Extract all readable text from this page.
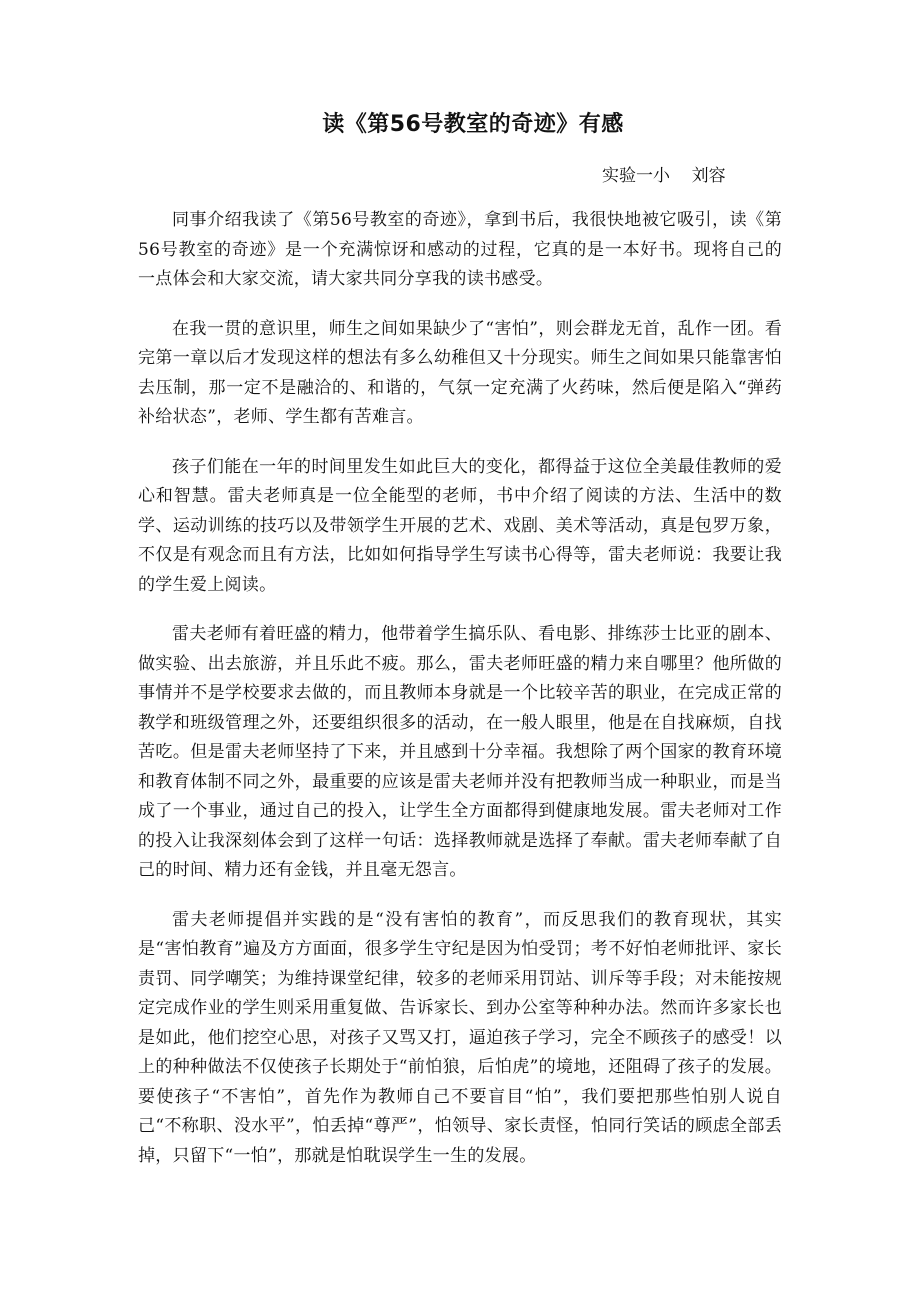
读《第56号教室的奇迹》有感
实验一小    刘容

同事介绍我读了《第56号教室的奇迹》，拿到书后，我很快地被它吸引，读《第56号教室的奇迹》是一个充满惊讶和感动的过程，它真的是一本好书。现将自己的一点体会和大家交流，请大家共同分享我的读书感受。

在我一贯的意识里，师生之间如果缺少了“害怕”，则会群龙无首，乱作一团。看完第一章以后才发现这样的想法有多么幼稚但又十分现实。师生之间如果只能靠害怕去压制，那一定不是融洽的、和谐的，气氛一定充满了火药味，然后便是陷入“弹药补给状态”，老师、学生都有苦难言。

孩子们能在一年的时间里发生如此巨大的变化，都得益于这位全美最佳教师的爱心和智慧。雷夫老师真是一位全能型的老师，书中介绍了阅读的方法、生活中的数学、运动训练的技巧以及带领学生开展的艺术、戏剧、美术等活动，真是包罗万象，不仅是有观念而且有方法，比如如何指导学生写读书心得等，雷夫老师说：我要让我的学生爱上阅读。

雷夫老师有着旺盛的精力，他带着学生搞乐队、看电影、排练莎士比亚的剧本、做实验、出去旅游，并且乐此不疲。那么，雷夫老师旺盛的精力来自哪里？他所做的事情并不是学校要求去做的，而且教师本身就是一个比较辛苦的职业，在完成正常的教学和班级管理之外，还要组织很多的活动，在一般人眼里，他是在自找麻烦，自找苦吃。但是雷夫老师坚持了下来，并且感到十分幸福。我想除了两个国家的教育环境和教育体制不同之外，最重要的应该是雷夫老师并没有把教师当成一种职业，而是当成了一个事业，通过自己的投入，让学生全方面都得到健康地发展。雷夫老师对工作的投入让我深刻体会到了这样一句话：选择教师就是选择了奉献。雷夫老师奉献了自己的时间、精力还有金钱，并且毫无怨言。

雷夫老师提倡并实践的是“没有害怕的教育”，而反思我们的教育现状，其实是“害怕教育”遍及方方面面，很多学生守纪是因为怕受罚；考不好怕老师批评、家长责罚、同学嘲笑；为维持课堂纪律，较多的老师采用罚站、训斥等手段；对未能按规定完成作业的学生则采用重复做、告诉家长、到办公室等种种办法。然而许多家长也是如此，他们挖空心思，对孩子又骂又打，逼迫孩子学习，完全不顾孩子的感受！以上的种种做法不仅使孩子长期处于“前怕狼，后怕虎”的境地，还阻碍了孩子的发展。要使孩子“不害怕”，首先作为教师自己不要盲目“怕”，我们要把那些怕别人说自己“不称职、没水平”，怕丢掉“尊严”，怕领导、家长责怪，怕同行笑话的顾虑全部丢掉，只留下“一怕”，那就是怕耽误学生一生的发展。
